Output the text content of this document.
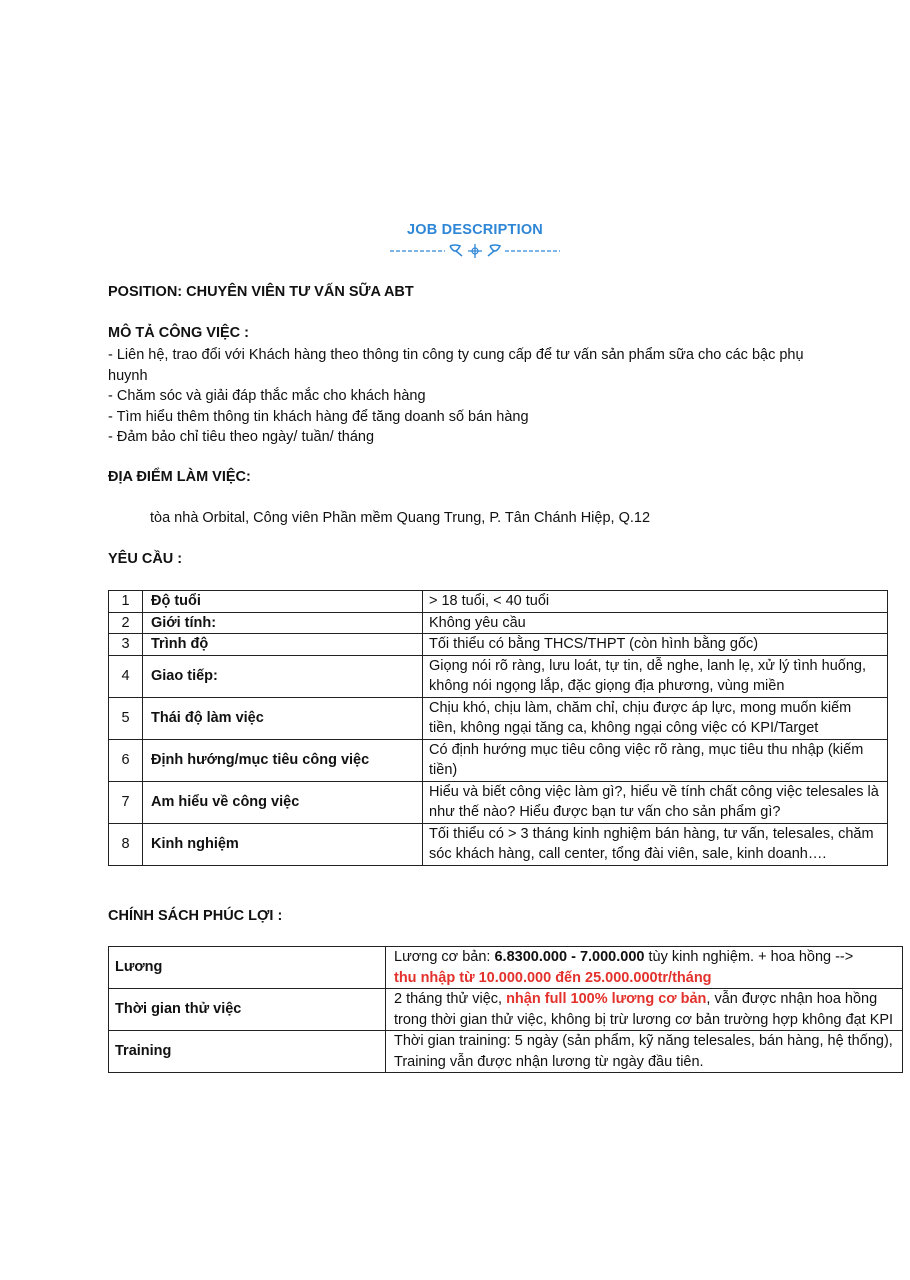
JOB DESCRIPTION
POSITION: CHUYÊN VIÊN TƯ VẤN SỮA ABT
MÔ TẢ CÔNG VIỆC :
- Liên hệ, trao đổi với Khách hàng theo thông tin công ty cung cấp để tư vấn sản phẩm sữa cho các bậc phụ
huynh
- Chăm sóc và giải đáp thắc mắc cho khách hàng
- Tìm hiểu thêm thông tin khách hàng để tăng doanh số bán hàng
- Đảm bảo chỉ tiêu theo ngày/ tuần/ tháng
ĐỊA ĐIỂM LÀM VIỆC:
tòa nhà Orbital, Công viên Phần mềm Quang Trung, P. Tân Chánh Hiệp, Q.12
YÊU CẦU :
1	Độ tuổi	> 18 tuổi, < 40 tuổi
2	Giới tính:	Không yêu cầu
3	Trình độ	Tối thiểu có bằng THCS/THPT (còn hình bằng gốc)
4	Giao tiếp:	Giọng nói rõ ràng, lưu loát, tự tin, dễ nghe, lanh lẹ, xử lý tình huống, không nói ngọng lắp, đặc giọng địa phương, vùng miền
5	Thái độ làm việc	Chịu khó, chịu làm, chăm chỉ, chịu được áp lực, mong muốn kiếm tiền, không ngại tăng ca, không ngại công việc có KPI/Target
6	Định hướng/mục tiêu công việc	Có định hướng mục tiêu công việc rõ ràng, mục tiêu thu nhập (kiếm tiền)
7	Am hiểu về công việc	Hiểu và biết công việc làm gì?, hiểu về tính chất công việc telesales là như thế nào? Hiểu được bạn tư vấn cho sản phẩm gì?
8	Kinh nghiệm	Tối thiểu có > 3 tháng kinh nghiệm bán hàng, tư vấn, telesales, chăm sóc khách hàng, call center, tổng đài viên, sale, kinh doanh….
CHÍNH SÁCH PHÚC LỢI :
Lương	Lương cơ bản: 6.8300.000 - 7.000.000 tùy kinh nghiệm. + hoa hồng -->
thu nhập từ 10.000.000 đến 25.000.000tr/tháng
Thời gian thử việc	2 tháng thử việc, nhận full 100% lương cơ bản, vẫn được nhận hoa hồng trong thời gian thử việc, không bị trừ lương cơ bản trường hợp không đạt KPI
Training	Thời gian training: 5 ngày (sản phẩm, kỹ năng telesales, bán hàng, hệ thống), Training vẫn được nhận lương từ ngày đầu tiên.
